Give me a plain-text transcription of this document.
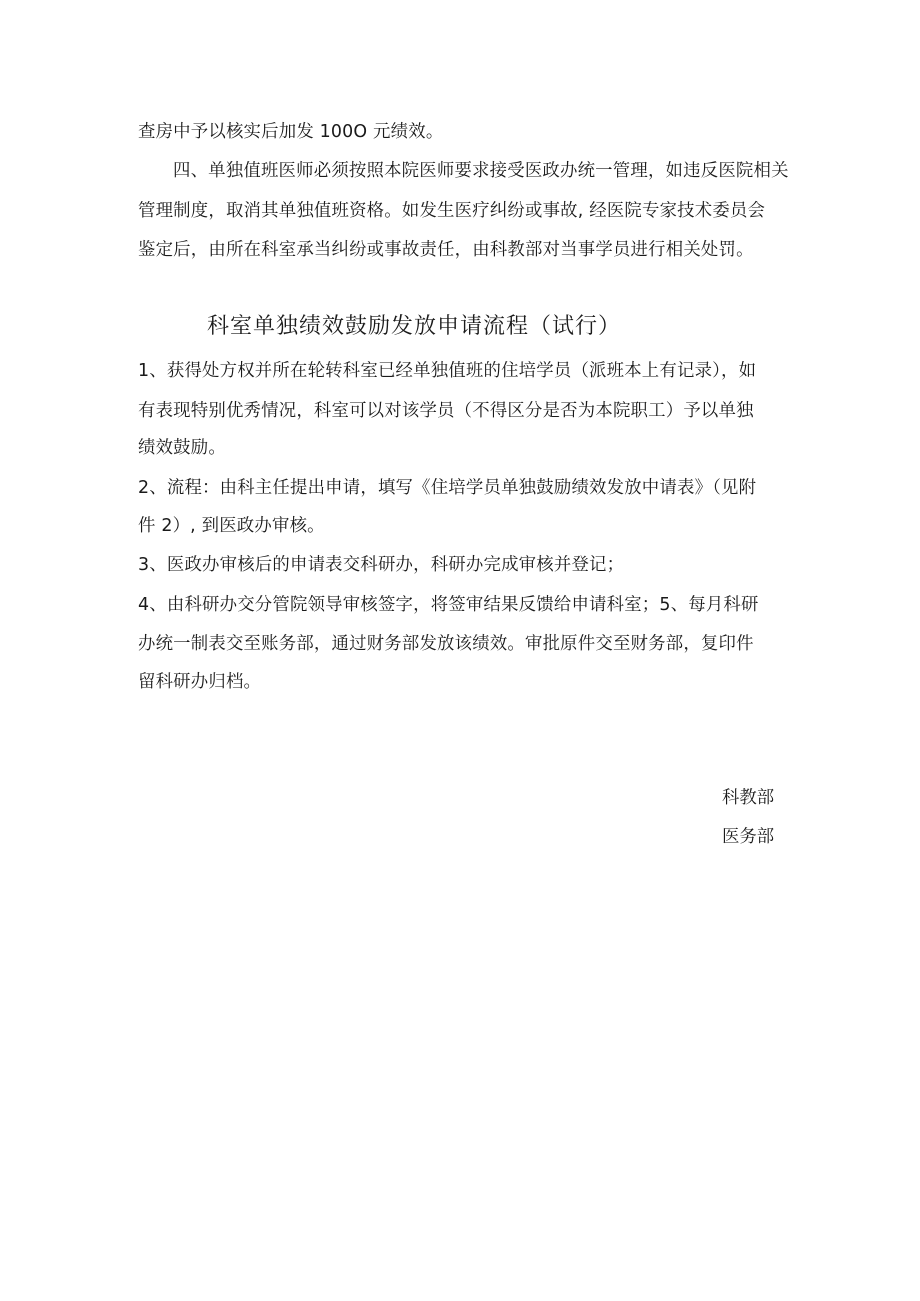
查房中予以核实后加发 100O 元绩效。
四、单独值班医师必须按照本院医师要求接受医政办统一管理，如违反医院相关
管理制度，取消其单独值班资格。如发生医疗纠纷或事故, 经医院专家技术委员会
鉴定后，由所在科室承当纠纷或事故责任，由科教部对当事学员进行相关处罚。
科室单独绩效鼓励发放申请流程（试行）
1、获得处方权并所在轮转科室已经单独值班的住培学员（派班本上有记录），如
有表现特别优秀情况，科室可以对该学员（不得区分是否为本院职工）予以单独
绩效鼓励。
2、流程：由科主任提出申请，填写《住培学员单独鼓励绩效发放中请表》（见附
件 2）, 到医政办审核。
3、医政办审核后的申请表交科研办，科研办完成审核并登记；
4、由科研办交分管院领导审核签字，将签审结果反馈给申请科室；5、每月科研
办统一制表交至账务部，通过财务部发放该绩效。审批原件交至财务部，复印件
留科研办归档。
科教部
医务部
